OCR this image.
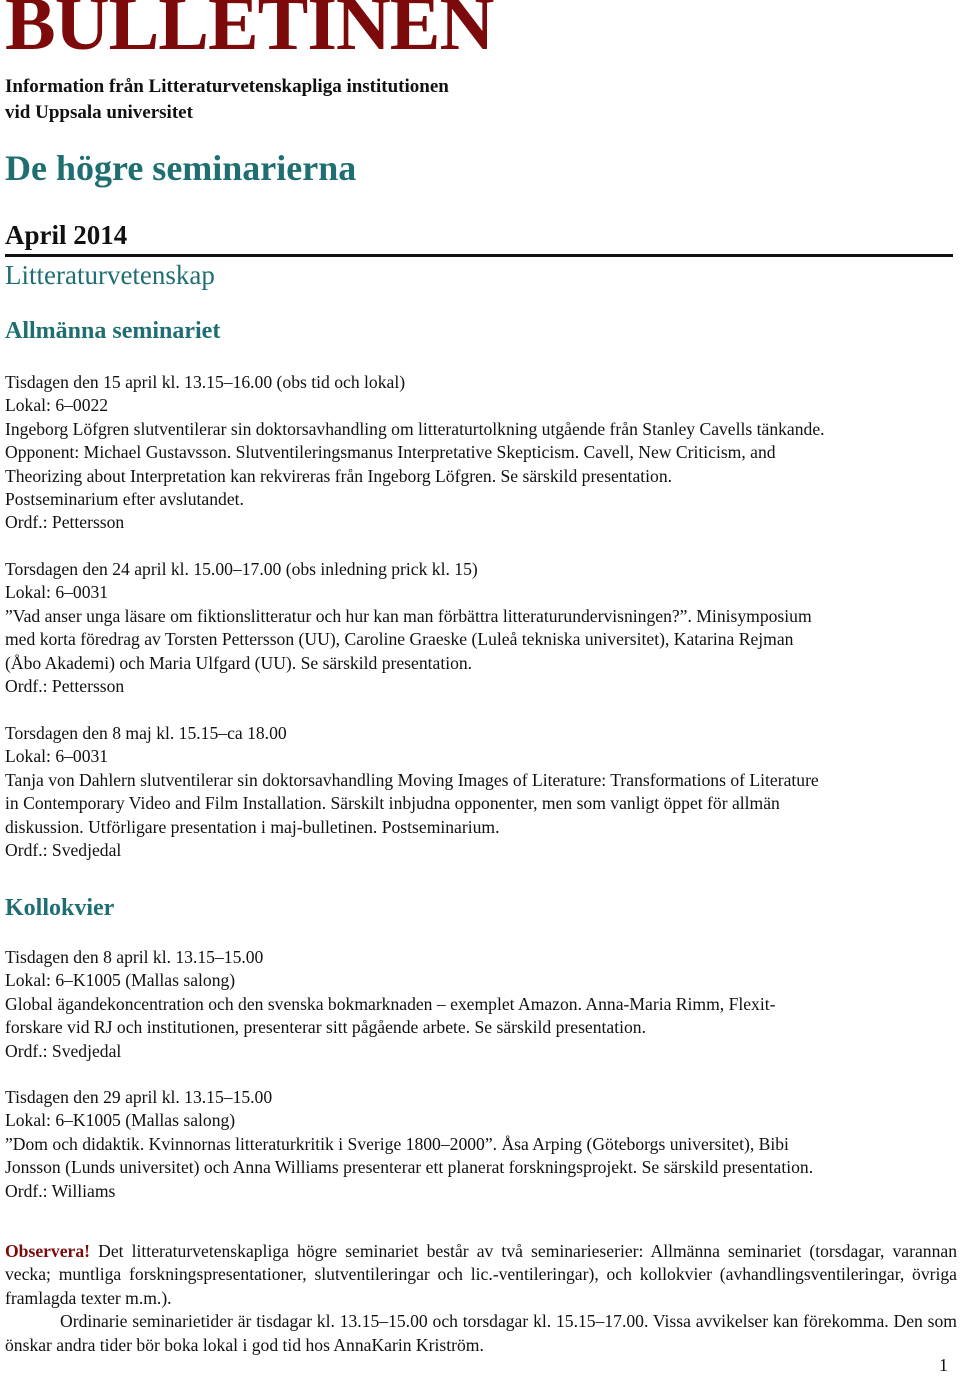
BULLETINEN
Information från Litteraturvetenskapliga institutionen
vid Uppsala universitet
De högre seminarierna
April 2014
Litteraturvetenskap
Allmänna seminariet
Tisdagen den 15 april kl. 13.15–16.00 (obs tid och lokal)
Lokal: 6–0022
Ingeborg Löfgren slutventilerar sin doktorsavhandling om litteraturtolkning utgående från Stanley Cavells tänkande.
Opponent: Michael Gustavsson. Slutventileringsmanus Interpretative Skepticism. Cavell, New Criticism, and
Theorizing about Interpretation kan rekvireras från Ingeborg Löfgren. Se särskild presentation.
Postseminarium efter avslutandet.
Ordf.: Pettersson
Torsdagen den 24 april kl. 15.00–17.00 (obs inledning prick kl. 15)
Lokal: 6–0031
”Vad anser unga läsare om fiktionslitteratur och hur kan man förbättra litteraturundervisningen?”. Minisymposium
med korta föredrag av Torsten Pettersson (UU), Caroline Graeske (Luleå tekniska universitet), Katarina Rejman
(Åbo Akademi) och Maria Ulfgard (UU). Se särskild presentation.
Ordf.: Pettersson
Torsdagen den 8 maj kl. 15.15–ca 18.00
Lokal: 6–0031
Tanja von Dahlern slutventilerar sin doktorsavhandling Moving Images of Literature: Transformations of Literature
in Contemporary Video and Film Installation. Särskilt inbjudna opponenter, men som vanligt öppet för allmän
diskussion. Utförligare presentation i maj-bulletinen. Postseminarium.
Ordf.: Svedjedal
Kollokvier
Tisdagen den 8 april kl. 13.15–15.00
Lokal: 6–K1005 (Mallas salong)
Global ägandekoncentration och den svenska bokmarknaden – exemplet Amazon. Anna-Maria Rimm, Flexit-
forskare vid RJ och institutionen, presenterar sitt pågående arbete. Se särskild presentation.
Ordf.: Svedjedal
Tisdagen den 29 april kl. 13.15–15.00
Lokal: 6–K1005 (Mallas salong)
”Dom och didaktik. Kvinnornas litteraturkritik i Sverige 1800–2000”. Åsa Arping (Göteborgs universitet), Bibi
Jonsson (Lunds universitet) och Anna Williams presenterar ett planerat forskningsprojekt. Se särskild presentation.
Ordf.: Williams
Observera! Det litteraturvetenskapliga högre seminariet består av två seminarieserier: Allmänna seminariet (torsdagar, varannan vecka; muntliga forskningspresentationer, slutventileringar och lic.-ventileringar), och kollokvier (avhandlingsventileringar, övriga framlagda texter m.m.).
Ordinarie seminarietider är tisdagar kl. 13.15–15.00 och torsdagar kl. 15.15–17.00. Vissa avvikelser kan förekomma. Den som önskar andra tider bör boka lokal i god tid hos AnnaKarin Kriström.
1
